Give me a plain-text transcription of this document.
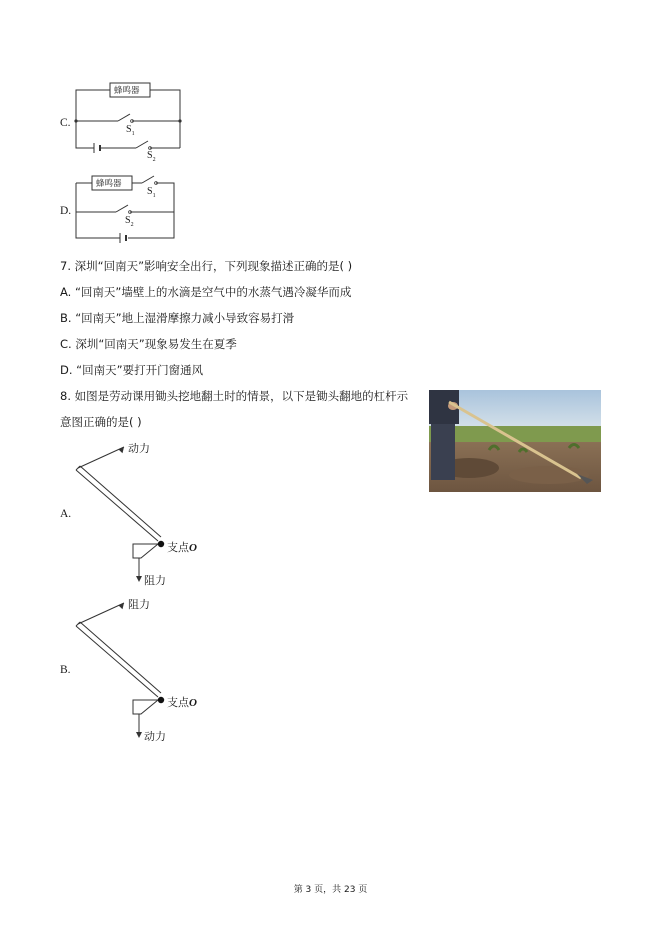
C.
蜂鸣器
$S_1$
$S_2$
D.
蜂鸣器
$S_1$
$S_2$
7. 深圳“回南天”影响安全出行，下列现象描述正确的是( )
A. “回南天”墙壁上的水滴是空气中的水蒸气遇冷凝华而成
B. “回南天”地上湿滑摩擦力减小导致容易打滑
C. 深圳“回南天”现象易发生在夏季
D. “回南天”要打开门窗通风
8. 如图是劳动课用锄头挖地翻土时的情景，以下是锄头翻地的杠杆示
意图正确的是( )
A.
动力
支点O
阻力
B.
阻力
支点O
动力
第 3 页，共 23 页
